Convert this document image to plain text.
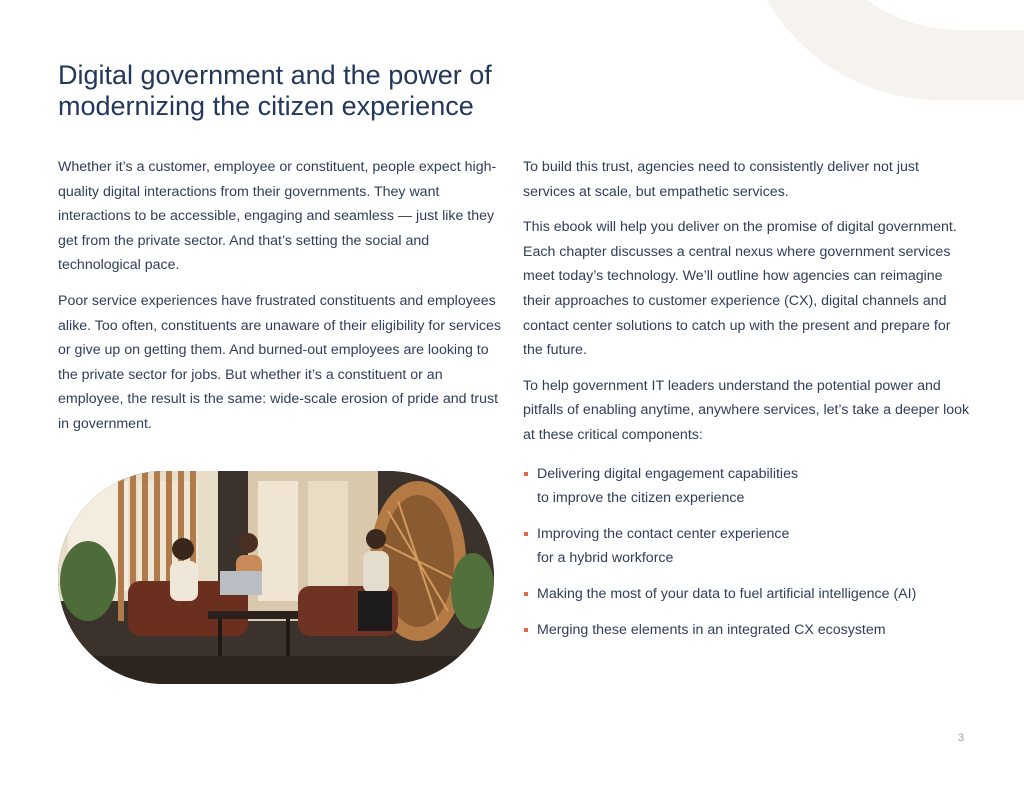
Digital government and the power of
modernizing the citizen experience

Whether it’s a customer, employee or constituent, people expect high-quality digital interactions from their governments. They want interactions to be accessible, engaging and seamless — just like they get from the private sector. And that’s setting the social and technological pace.

Poor service experiences have frustrated constituents and employees alike. Too often, constituents are unaware of their eligibility for services or give up on getting them. And burned-out employees are looking to the private sector for jobs. But whether it’s a constituent or an employee, the result is the same: wide-scale erosion of pride and trust in government.

To build this trust, agencies need to consistently deliver not just services at scale, but empathetic services.

This ebook will help you deliver on the promise of digital government. Each chapter discusses a central nexus where government services meet today’s technology. We’ll outline how agencies can reimagine their approaches to customer experience (CX), digital channels and contact center solutions to catch up with the present and prepare for the future.

To help government IT leaders understand the potential power and pitfalls of enabling anytime, anywhere services, let’s take a deeper look at these critical components:

Delivering digital engagement capabilities
to improve the citizen experience
Improving the contact center experience
for a hybrid workforce
Making the most of your data to fuel artificial intelligence (AI)
Merging these elements in an integrated CX ecosystem
3
